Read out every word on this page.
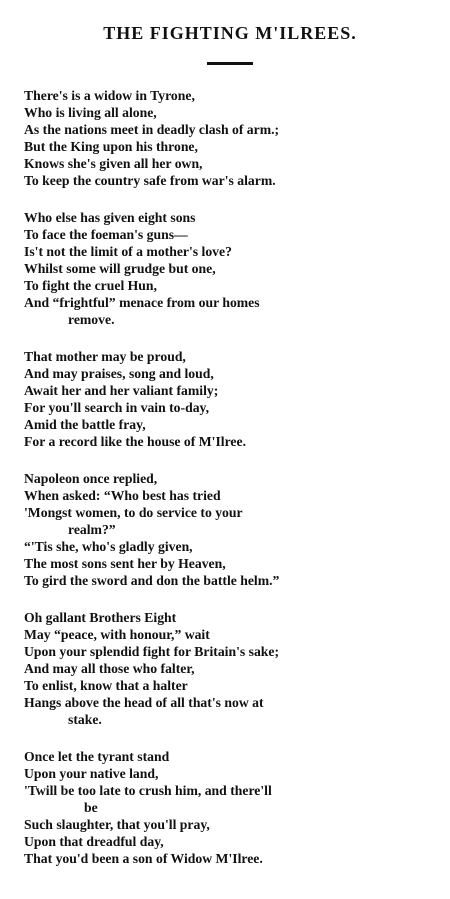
THE FIGHTING M'ILREES.
There's is a widow in Tyrone,
Who is living all alone,
As the nations meet in deadly clash of arm.;
But the King upon his throne,
Knows she's given all her own,
To keep the country safe from war's alarm.
Who else has given eight sons
To face the foeman's guns—
Is't not the limit of a mother's love?
Whilst some will grudge but one,
To fight the cruel Hun,
And “frightful” menace from our homes
remove.
That mother may be proud,
And may praises, song and loud,
Await her and her valiant family;
For you'll search in vain to-day,
Amid the battle fray,
For a record like the house of M'Ilree.
Napoleon once replied,
When asked: “Who best has tried
'Mongst women, to do service to your
realm?”
“'Tis she, who's gladly given,
The most sons sent her by Heaven,
To gird the sword and don the battle helm.”
Oh gallant Brothers Eight
May “peace, with honour,” wait
Upon your splendid fight for Britain's sake;
And may all those who falter,
To enlist, know that a halter
Hangs above the head of all that's now at
stake.
Once let the tyrant stand
Upon your native land,
'Twill be too late to crush him, and there'll
be
Such slaughter, that you'll pray,
Upon that dreadful day,
That you'd been a son of Widow M'Ilree.
